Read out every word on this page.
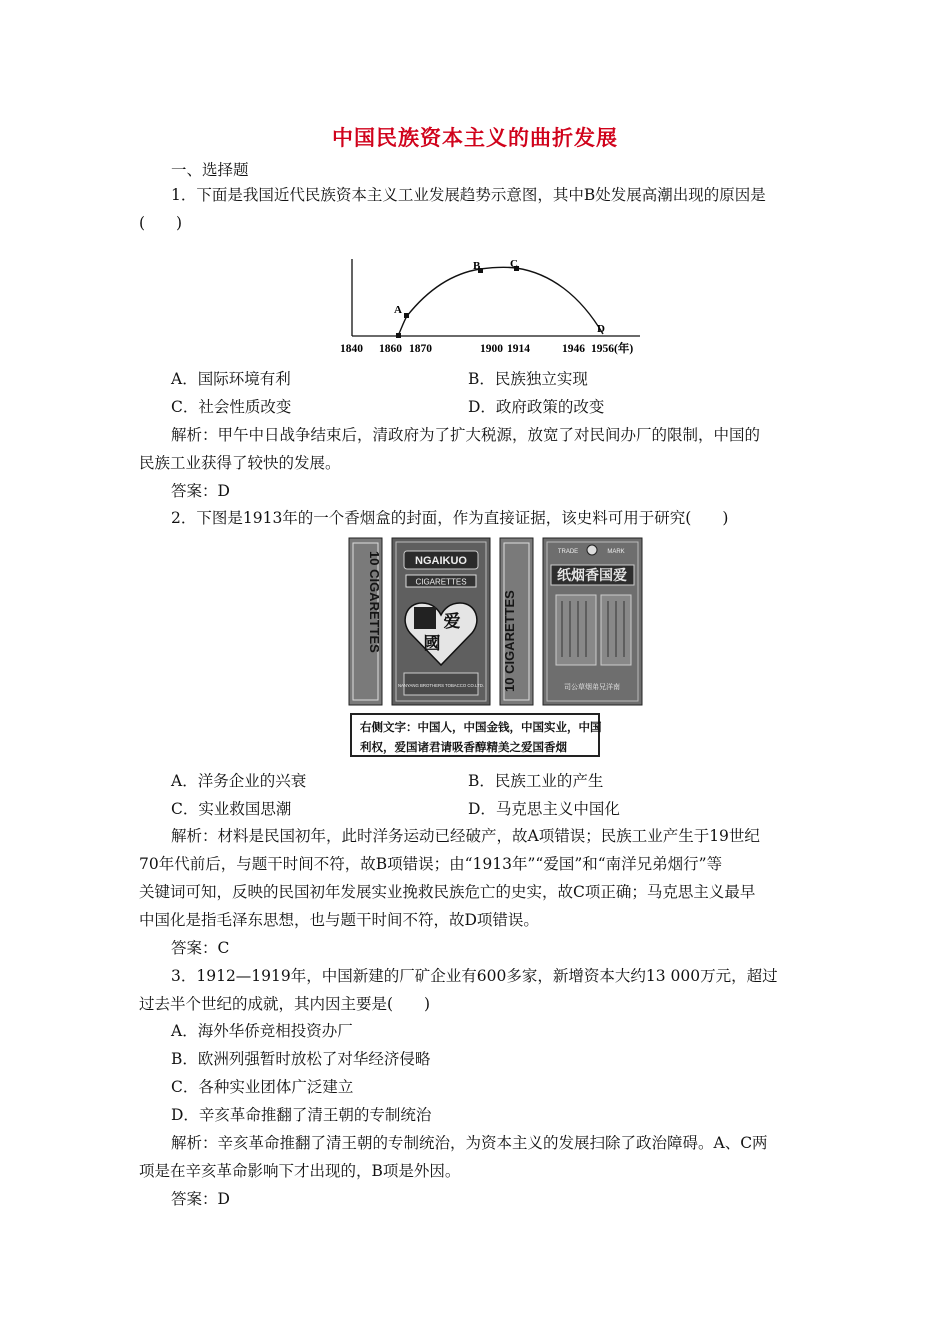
中国民族资本主义的曲折发展
一、选择题
1．下面是我国近代民族资本主义工业发展趋势示意图，其中B处发展高潮出现的原因是
(　　)
A
B	C
D
1840 1860 1870	1900 1914	1946 1956(年)
A．国际环境有利	B．民族独立实现
C．社会性质改变	D．政府政策的改变
解析：甲午中日战争结束后，清政府为了扩大税源，放宽了对民间办厂的限制，中国的
民族工业获得了较快的发展。
答案：D
2．下图是1913年的一个香烟盒的封面，作为直接证据，该史料可用于研究(　　)
10 CIGARETTES	NGAIKUO
CIGARETTES
爱
國
NANYANG BROTHERS TOBACCO CO.LTD. 10 CIGARETTES
TRADE	MARK
纸烟香国爱
司公草烟弟兄洋南
右侧文字：中国人，中国金钱，中国实业，中国
利权，爱国诸君请吸香醇精美之爱国香烟
A．洋务企业的兴衰	B．民族工业的产生
C．实业救国思潮	D．马克思主义中国化
解析：材料是民国初年，此时洋务运动已经破产，故A项错误；民族工业产生于19世纪
70年代前后，与题干时间不符，故B项错误；由“1913年”“爱国”和“南洋兄弟烟行”等
关键词可知，反映的民国初年发展实业挽救民族危亡的史实，故C项正确；马克思主义最早
中国化是指毛泽东思想，也与题干时间不符，故D项错误。
答案：C
3．1912—1919年，中国新建的厂矿企业有600多家，新增资本大约13 000万元，超过
过去半个世纪的成就，其内因主要是(　　)
A．海外华侨竞相投资办厂
B．欧洲列强暂时放松了对华经济侵略
C．各种实业团体广泛建立
D．辛亥革命推翻了清王朝的专制统治
解析：辛亥革命推翻了清王朝的专制统治，为资本主义的发展扫除了政治障碍。A、C两
项是在辛亥革命影响下才出现的，B项是外因。
答案：D
